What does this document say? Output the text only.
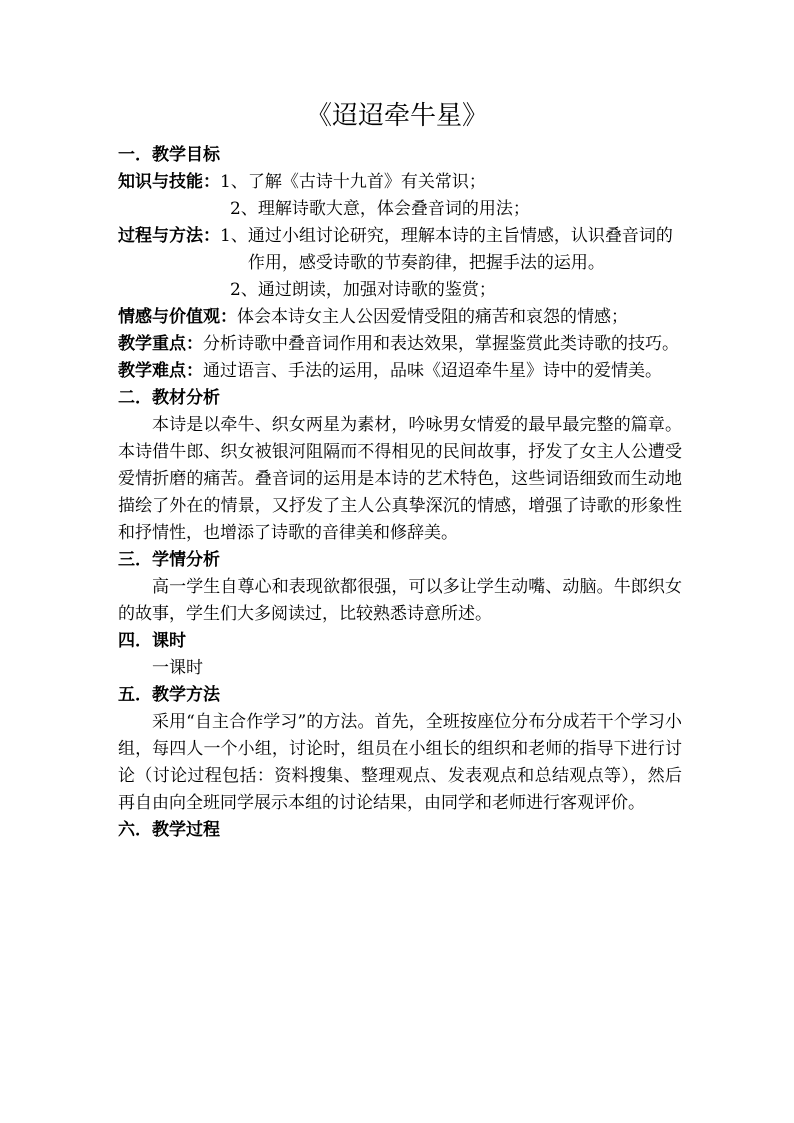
《迢迢牵牛星》
一．教学目标
知识与技能： 1、 了解《古诗十九首》有关常识；
2、 理解诗歌大意，体会叠音词的用法；
过程与方法： 1、 通过小组讨论研究，理解本诗的主旨情感，认识叠音词的作用，感受诗歌的节奏韵律，把握手法的运用。
2、 通过朗读，加强对诗歌的鉴赏；

情感与价值观：体会本诗女主人公因爱情受阻的痛苦和哀怨的情感；

教学重点：分析诗歌中叠音词作用和表达效果，掌握鉴赏此类诗歌的技巧。

教学难点：通过语言、手法的运用，品味《迢迢牵牛星》诗中的爱情美。

二．教材分析

本诗是以牵牛、织女两星为素材，吟咏男女情爱的最早最完整的篇章。本诗借牛郎、织女被银河阻隔而不得相见的民间故事，抒发了女主人公遭受爱情折磨的痛苦。叠音词的运用是本诗的艺术特色，这些词语细致而生动地描绘了外在的情景，又抒发了主人公真挚深沉的情感，增强了诗歌的形象性和抒情性，也增添了诗歌的音律美和修辞美。

三．学情分析

高一学生自尊心和表现欲都很强，可以多让学生动嘴、动脑。牛郎织女的故事，学生们大多阅读过，比较熟悉诗意所述。

四．课时

一课时

五．教学方法

采用“自主合作学习”的方法。首先，全班按座位分布分成若干个学习小组，每四人一个小组，讨论时，组员在小组长的组织和老师的指导下进行讨论（讨论过程包括：资料搜集、整理观点、发表观点和总结观点等），然后再自由向全班同学展示本组的讨论结果，由同学和老师进行客观评价。

六．教学过程
